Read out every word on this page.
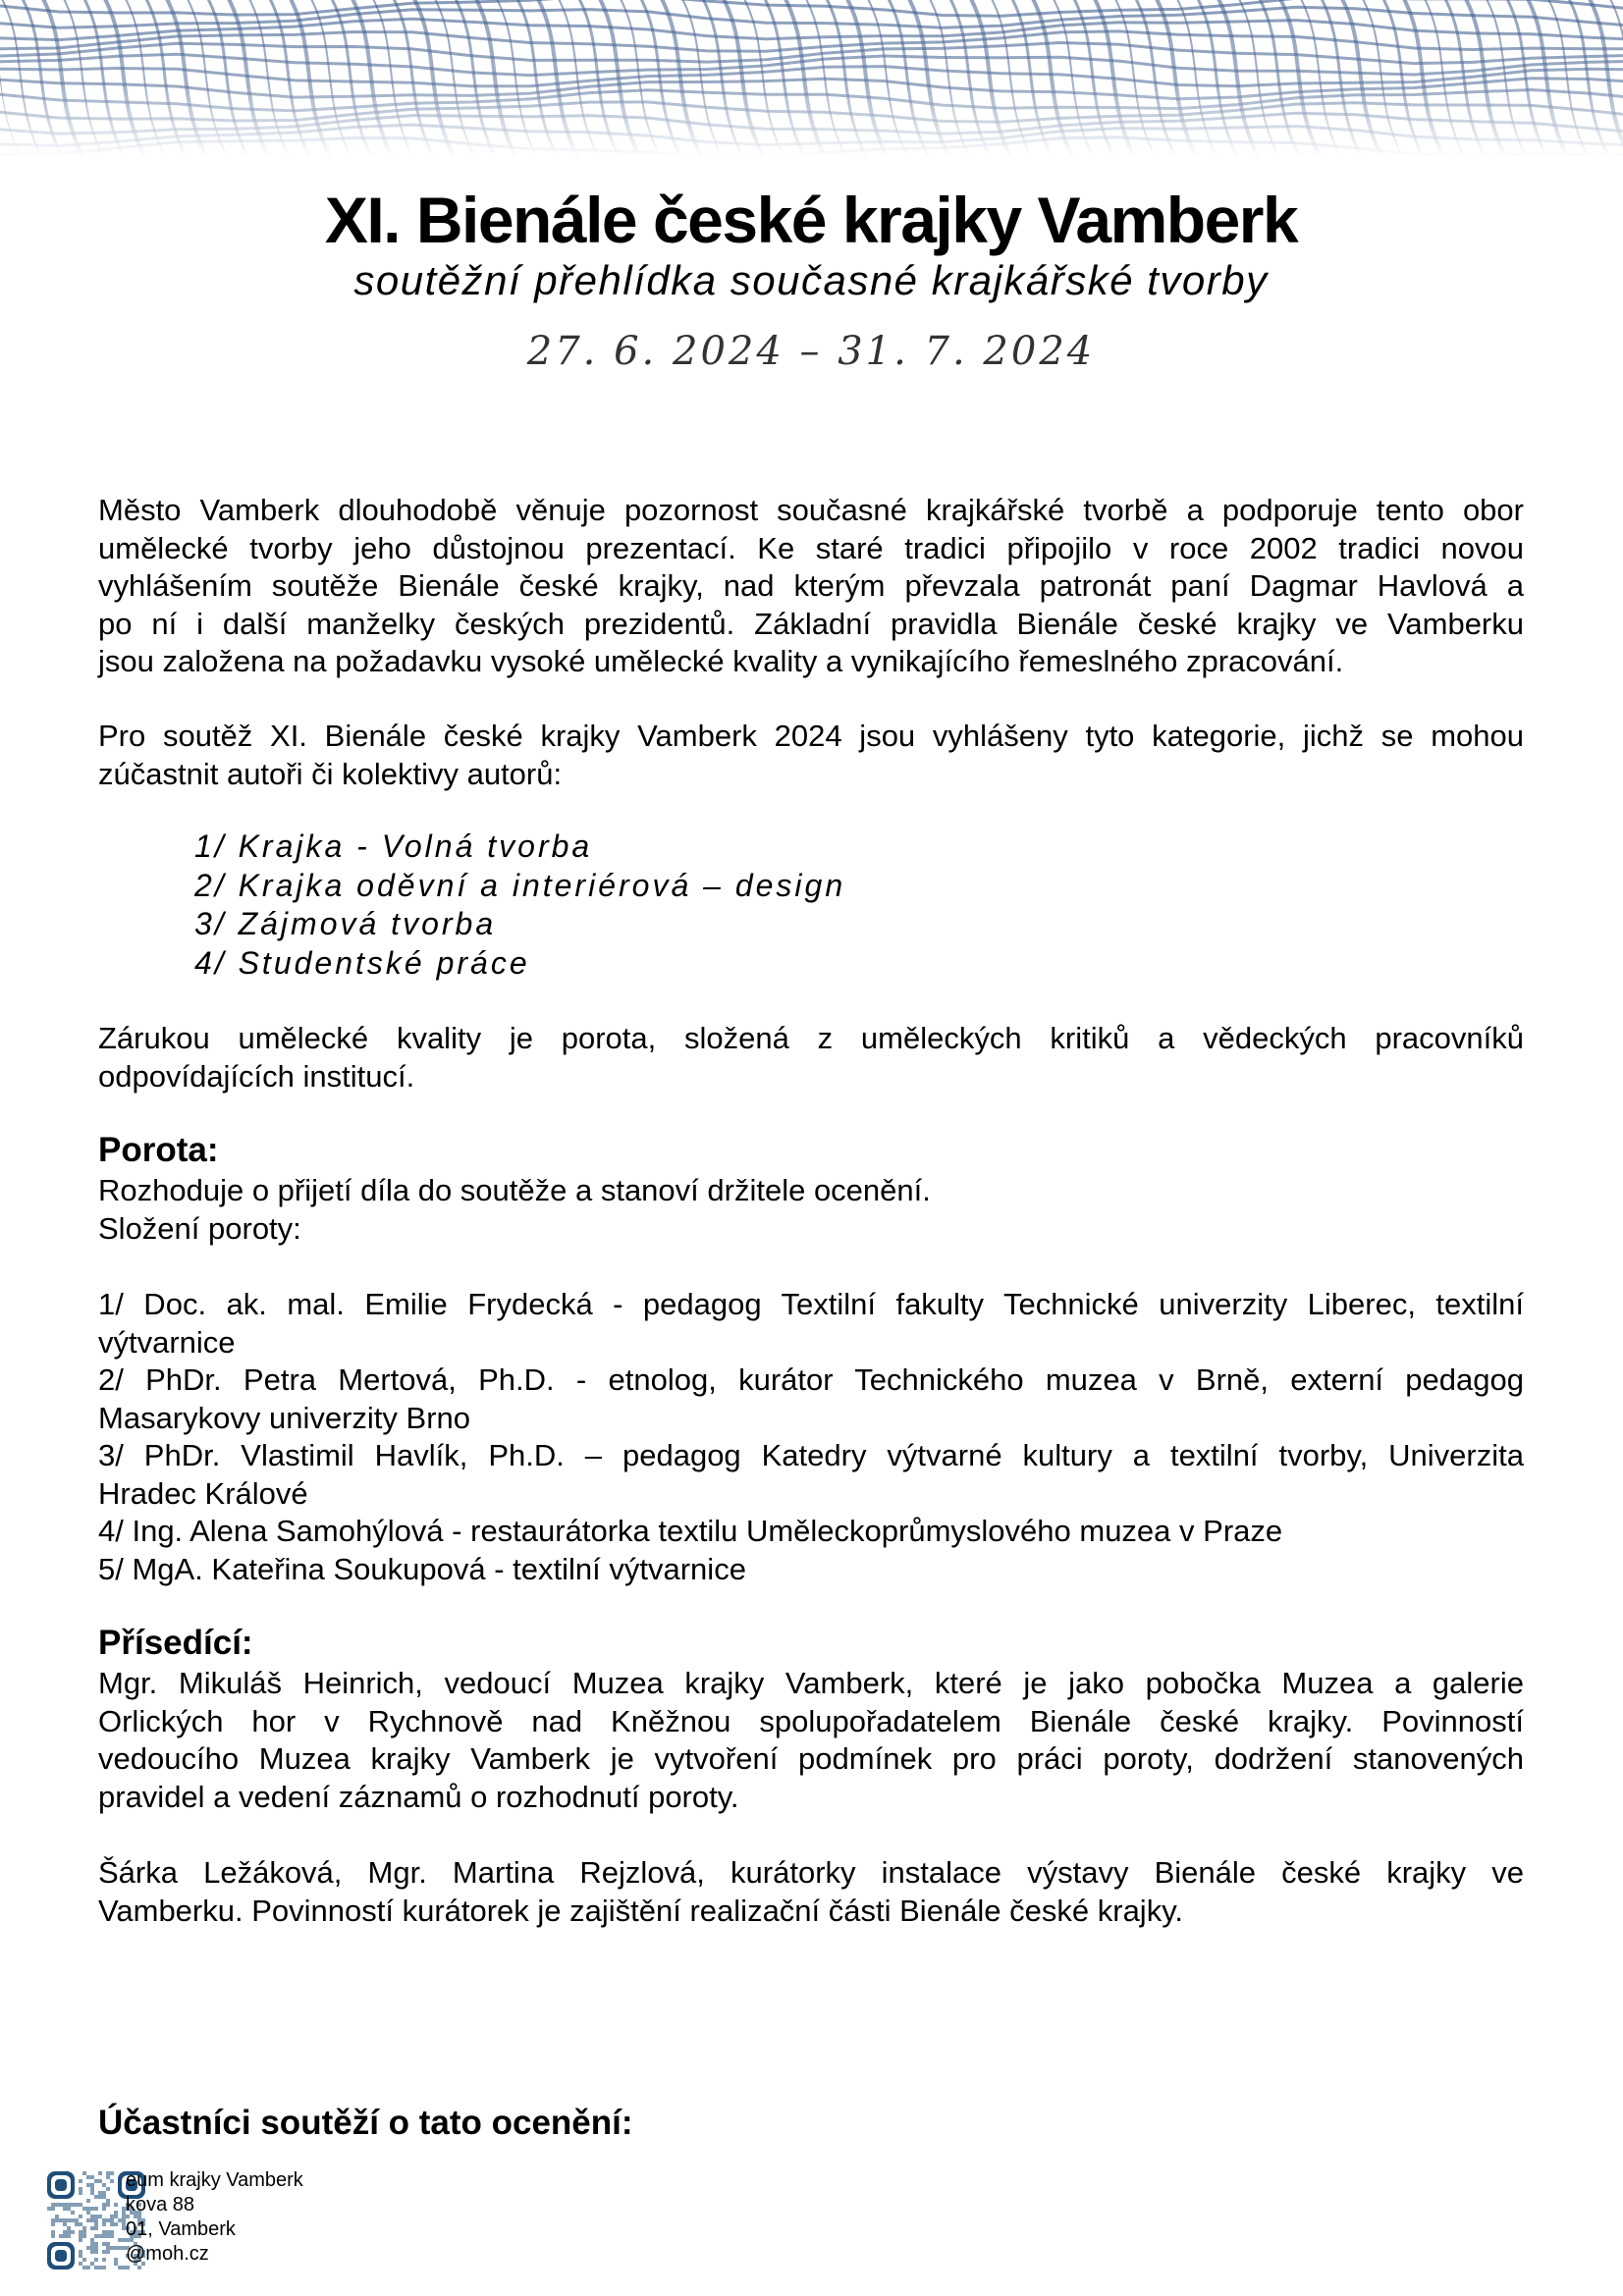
XI. Bienále české krajky Vamberk

soutěžní přehlídka současné krajkářské tvorby

27. 6. 2024 – 31. 7. 2024

Město Vamberk dlouhodobě věnuje pozornost současné krajkářské tvorbě a podporuje tento obor
umělecké tvorby jeho důstojnou prezentací. Ke staré tradici připojilo v roce 2002 tradici novou
vyhlášením soutěže Bienále české krajky, nad kterým převzala patronát paní Dagmar Havlová a
po ní i další manželky českých prezidentů. Základní pravidla Bienále české krajky ve Vamberku
jsou založena na požadavku vysoké umělecké kvality a vynikajícího řemeslného zpracování.
Pro soutěž XI. Bienále české krajky Vamberk 2024 jsou vyhlášeny tyto kategorie, jichž se mohou
zúčastnit autoři či kolektivy autorů:
1/ Krajka - Volná tvorba
2/ Krajka oděvní a interiérová – design
3/ Zájmová tvorba
4/ Studentské práce
Zárukou umělecké kvality je porota, složená z uměleckých kritiků a vědeckých pracovníků
odpovídajících institucí.
Porota:
Rozhoduje o přijetí díla do soutěže a stanoví držitele ocenění.
Složení poroty:
1/ Doc. ak. mal. Emilie Frydecká - pedagog Textilní fakulty Technické univerzity Liberec, textilní
výtvarnice
2/ PhDr. Petra Mertová, Ph.D. - etnolog, kurátor Technického muzea v Brně, externí pedagog
Masarykovy univerzity Brno
3/ PhDr. Vlastimil Havlík, Ph.D. – pedagog Katedry výtvarné kultury a textilní tvorby, Univerzita
Hradec Králové
4/ Ing. Alena Samohýlová - restaurátorka textilu Uměleckoprůmyslového muzea v Praze
5/ MgA. Kateřina Soukupová - textilní výtvarnice
Přísedící:
Mgr. Mikuláš Heinrich, vedoucí Muzea krajky Vamberk, které je jako pobočka Muzea a galerie
Orlických hor v Rychnově nad Kněžnou spolupořadatelem Bienále české krajky. Povinností
vedoucího Muzea krajky Vamberk je vytvoření podmínek pro práci poroty, dodržení stanovených
pravidel a vedení záznamů o rozhodnutí poroty.
Šárka Ležáková, Mgr. Martina Rejzlová, kurátorky instalace výstavy Bienále české krajky ve
Vamberku. Povinností kurátorek je zajištění realizační části Bienále české krajky.
Účastníci soutěží o tato ocenění:

eum krajky Vamberk
kova 88
01, Vamberk
@moh.cz
